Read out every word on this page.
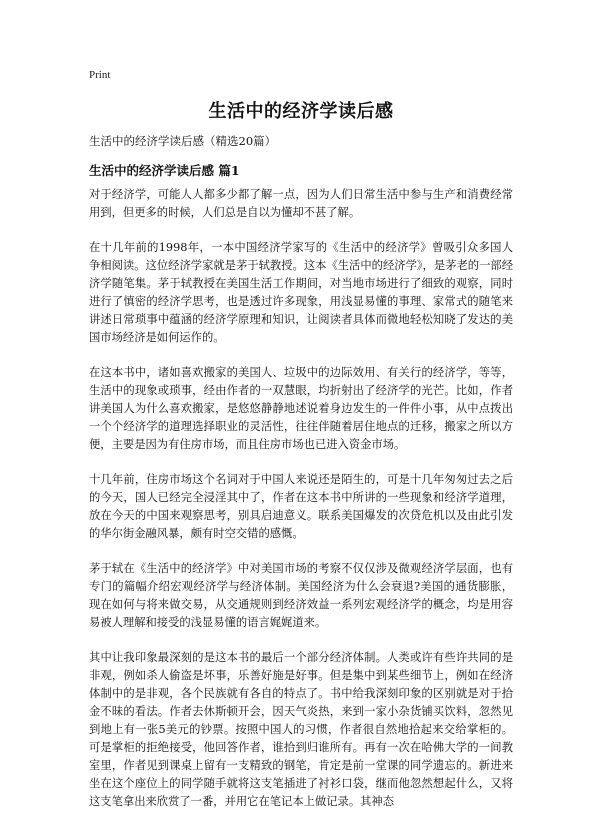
Print
生活中的经济学读后感

生活中的经济学读后感（精选20篇）

生活中的经济学读后感 篇1

对于经济学，可能人人都多少都了解一点，因为人们日常生活中参与生产和消费经常用到，但更多的时候，人们总是自以为懂却不甚了解。

在十几年前的1998年，一本中国经济学家写的《生活中的经济学》曾吸引众多国人争相阅读。这位经济学家就是茅于轼教授。这本《生活中的经济学》，是茅老的一部经济学随笔集。茅于轼教授在美国生活工作期间，对当地市场进行了细致的观察，同时进行了慎密的经济学思考，也是透过许多现象，用浅显易懂的事理、家常式的随笔来讲述日常琐事中蕴涵的经济学原理和知识，让阅读者具体而微地轻松知晓了发达的美国市场经济是如何运作的。

在这本书中，诸如喜欢搬家的美国人、垃圾中的边际效用、有关行的经济学，等等，生活中的现象或琐事，经由作者的一双慧眼，均折射出了经济学的光芒。比如，作者讲美国人为什么喜欢搬家，是悠悠静静地述说着身边发生的一件件小事，从中点拨出一个个经济学的道理选择职业的灵活性，往往伴随着居住地点的迁移，搬家之所以方便，主要是因为有住房市场，而且住房市场也已进入资金市场。

十几年前，住房市场这个名词对于中国人来说还是陌生的，可是十几年匆匆过去之后的今天，国人已经完全浸淫其中了，作者在这本书中所讲的一些现象和经济学道理，放在今天的中国来观察思考，别具启迪意义。联系美国爆发的次贷危机以及由此引发的华尔街金融风暴，颇有时空交错的感慨。

茅于轼在《生活中的经济学》中对美国市场的考察不仅仅涉及微观经济学层面，也有专门的篇幅介绍宏观经济学与经济体制。美国经济为什么会衰退?美国的通货膨胀，现在如何与将来做交易，从交通规则到经济效益一系列宏观经济学的概念，均是用容易被人理解和接受的浅显易懂的语言娓娓道来。

其中让我印象最深刻的是这本书的最后一个部分经济体制。人类或许有些许共同的是非观，例如杀人偷盗是坏事，乐善好施是好事。但是集中到某些细节上，例如在经济体制中的是非观，各个民族就有各自的特点了。书中给我深刻印象的区别就是对于拾金不昧的看法。作者去休斯顿开会，因天气炎热，来到一家小杂货铺买饮料，忽然见到地上有一张5美元的钞票。按照中国人的习惯，作者很自然地拾起来交给掌柜的。可是掌柜的拒绝接受，他回答作者，谁拾到归谁所有。再有一次在哈佛大学的一间教室里，作者见到课桌上留有一支精致的钢笔，肯定是前一堂课的同学遗忘的。新进来坐在这个座位上的同学随手就将这支笔插进了衬衫口袋，继而他忽然想起什么，又将这支笔拿出来欣赏了一番，并用它在笔记本上做记录。其神态
